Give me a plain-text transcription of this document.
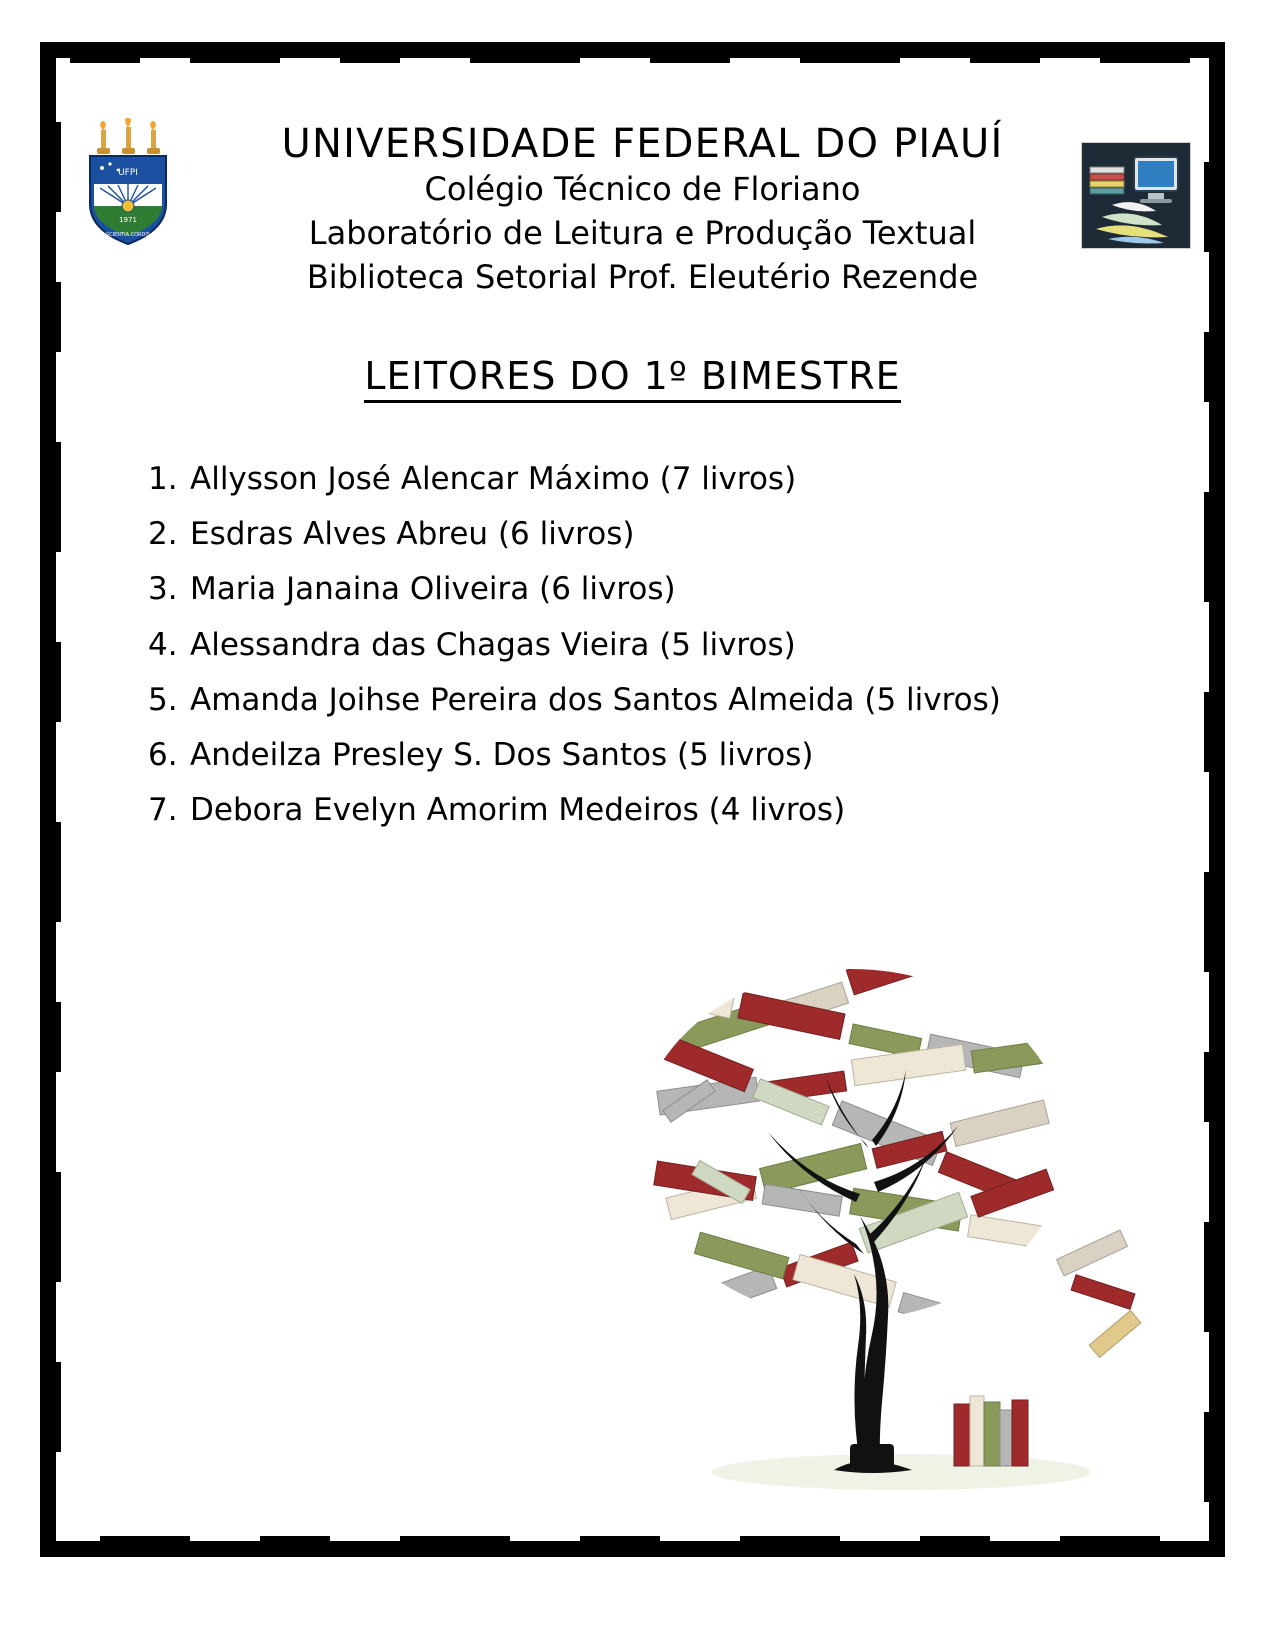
UFPI
1971
SCIENTIA CORDIS
UNIVERSIDADE FEDERAL DO PIAUÍ
Colégio Técnico de Floriano
Laboratório de Leitura e Produção Textual
Biblioteca Setorial Prof. Eleutério Rezende
LEITORES DO 1º BIMESTRE
1. Allysson José Alencar Máximo (7 livros)
2. Esdras Alves Abreu (6 livros)
3. Maria Janaina Oliveira (6 livros)
4. Alessandra das Chagas Vieira (5 livros)
5. Amanda Joihse Pereira dos Santos Almeida (5 livros)
6. Andeilza Presley S. Dos Santos (5 livros)
7. Debora Evelyn Amorim Medeiros (4 livros)
